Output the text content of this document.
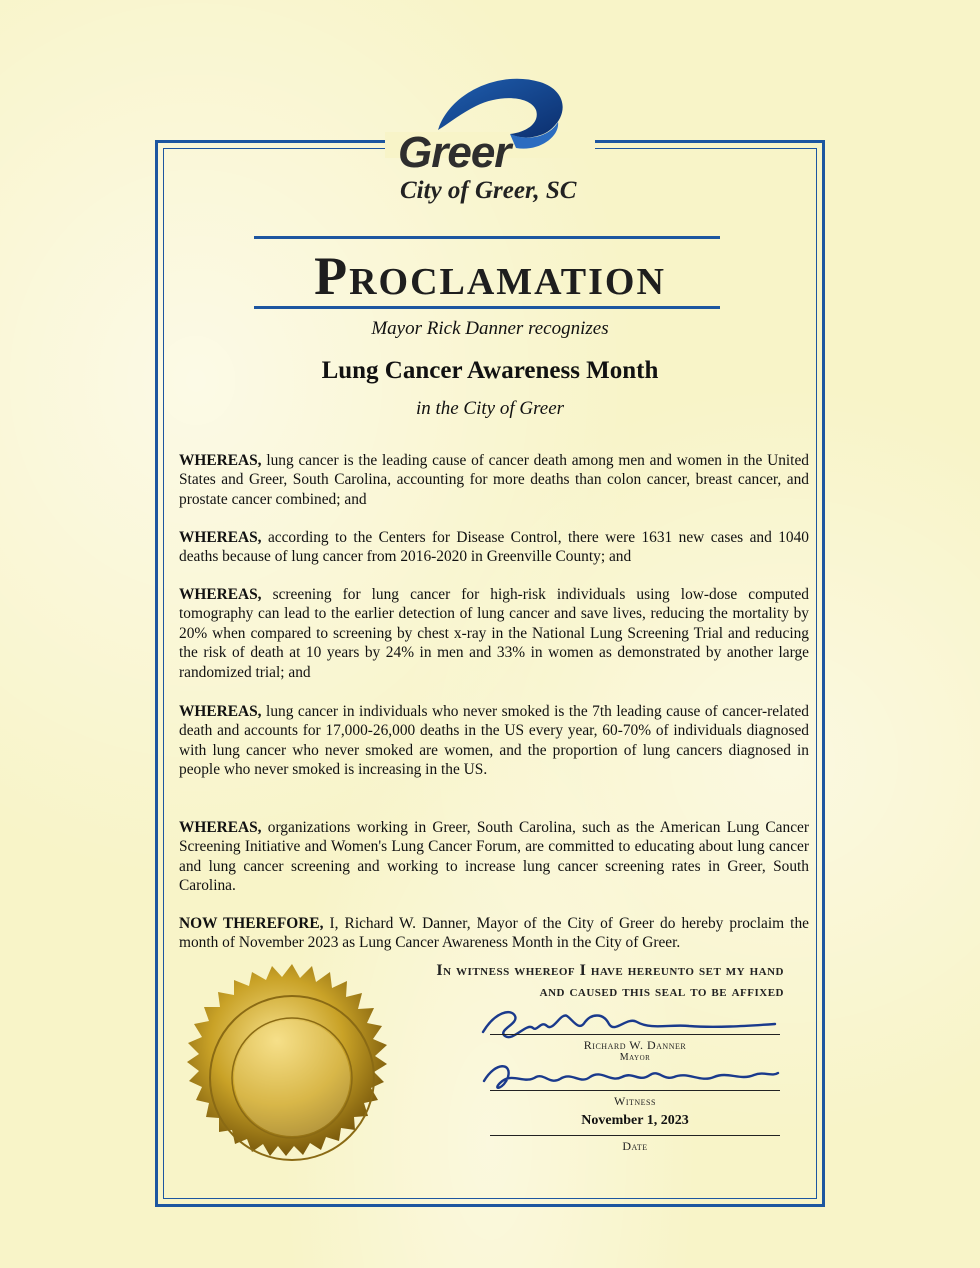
Greer
City of Greer, SC
Proclamation
Mayor Rick Danner recognizes
Lung Cancer Awareness Month
in the City of Greer

WHEREAS, lung cancer is the leading cause of cancer death among men and women in the United States and Greer, South Carolina, accounting for more deaths than colon cancer, breast cancer, and prostate cancer combined; and

WHEREAS, according to the Centers for Disease Control, there were 1631 new cases and 1040 deaths because of lung cancer from 2016-2020 in Greenville County; and

WHEREAS, screening for lung cancer for high-risk individuals using low-dose computed tomography can lead to the earlier detection of lung cancer and save lives, reducing the mortality by 20% when compared to screening by chest x-ray in the National Lung Screening Trial and reducing the risk of death at 10 years by 24% in men and 33% in women as demonstrated by another large randomized trial; and

WHEREAS, lung cancer in individuals who never smoked is the 7th leading cause of cancer-related death and accounts for 17,000-26,000 deaths in the US every year, 60-70% of individuals diagnosed with lung cancer who never smoked are women, and the proportion of lung cancers diagnosed in people who never smoked is increasing in the US.

WHEREAS, organizations working in Greer, South Carolina, such as the American Lung Cancer Screening Initiative and Women's Lung Cancer Forum, are committed to educating about lung cancer and lung cancer screening and working to increase lung cancer screening rates in Greer, South Carolina.

NOW THEREFORE, I, Richard W. Danner, Mayor of the City of Greer do hereby proclaim the month of November 2023 as Lung Cancer Awareness Month in the City of Greer.

In witness whereof I have hereunto set my hand
and caused this seal to be affixed
Richard W. Danner
Mayor
Witness
November 1, 2023
Date
